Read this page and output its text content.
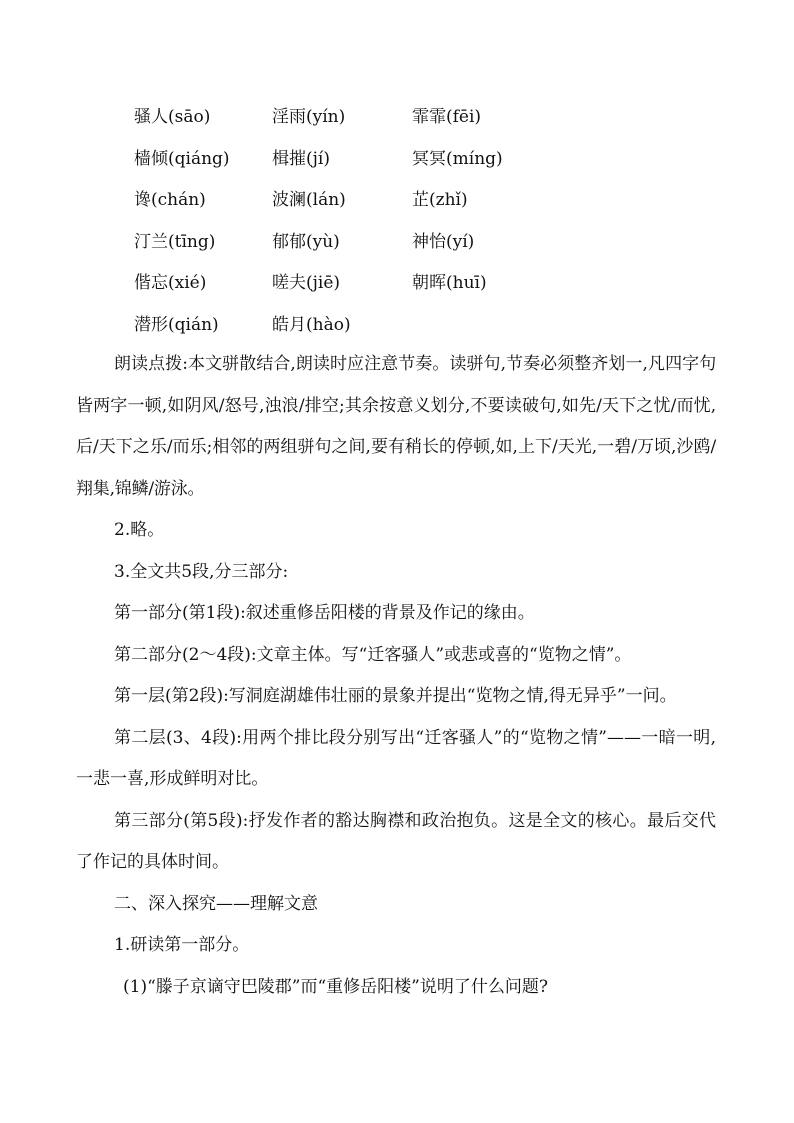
骚人(sāo)	淫雨(yín)	霏霏(fēi)
樯倾(qiáng) 楫摧(jí)	冥冥(míng)
谗(chán)	波澜(lán)	芷(zhǐ)
汀兰(tīng)	郁郁(yù)	神怡(yí)
偕忘(xié)	嗟夫(jiē)	朝晖(huī)
潜形(qián)	皓月(hào)

朗读点拨:本文骈散结合,朗读时应注意节奏。读骈句,节奏必须整齐划一,凡四字句皆两字一顿,如阴风/怒号,浊浪/排空;其余按意义划分,不要读破句,如先/天下之忧/而忧,后/天下之乐/而乐;相邻的两组骈句之间,要有稍长的停顿,如,上下/天光,一碧/万顷,沙鸥/翔集,锦鳞/游泳。

2.略。

3.全文共5段,分三部分:

第一部分(第1段):叙述重修岳阳楼的背景及作记的缘由。

第二部分(2～4段):文章主体。写“迁客骚人”或悲或喜的“览物之情”。

第一层(第2段):写洞庭湖雄伟壮丽的景象并提出“览物之情,得无异乎”一问。

第二层(3、4段):用两个排比段分别写出“迁客骚人”的“览物之情”——一暗一明,一悲一喜,形成鲜明对比。

第三部分(第5段):抒发作者的豁达胸襟和政治抱负。这是全文的核心。最后交代了作记的具体时间。

二、深入探究——理解文意

1.研读第一部分。

(1)“滕子京谪守巴陵郡”而“重修岳阳楼”说明了什么问题?
